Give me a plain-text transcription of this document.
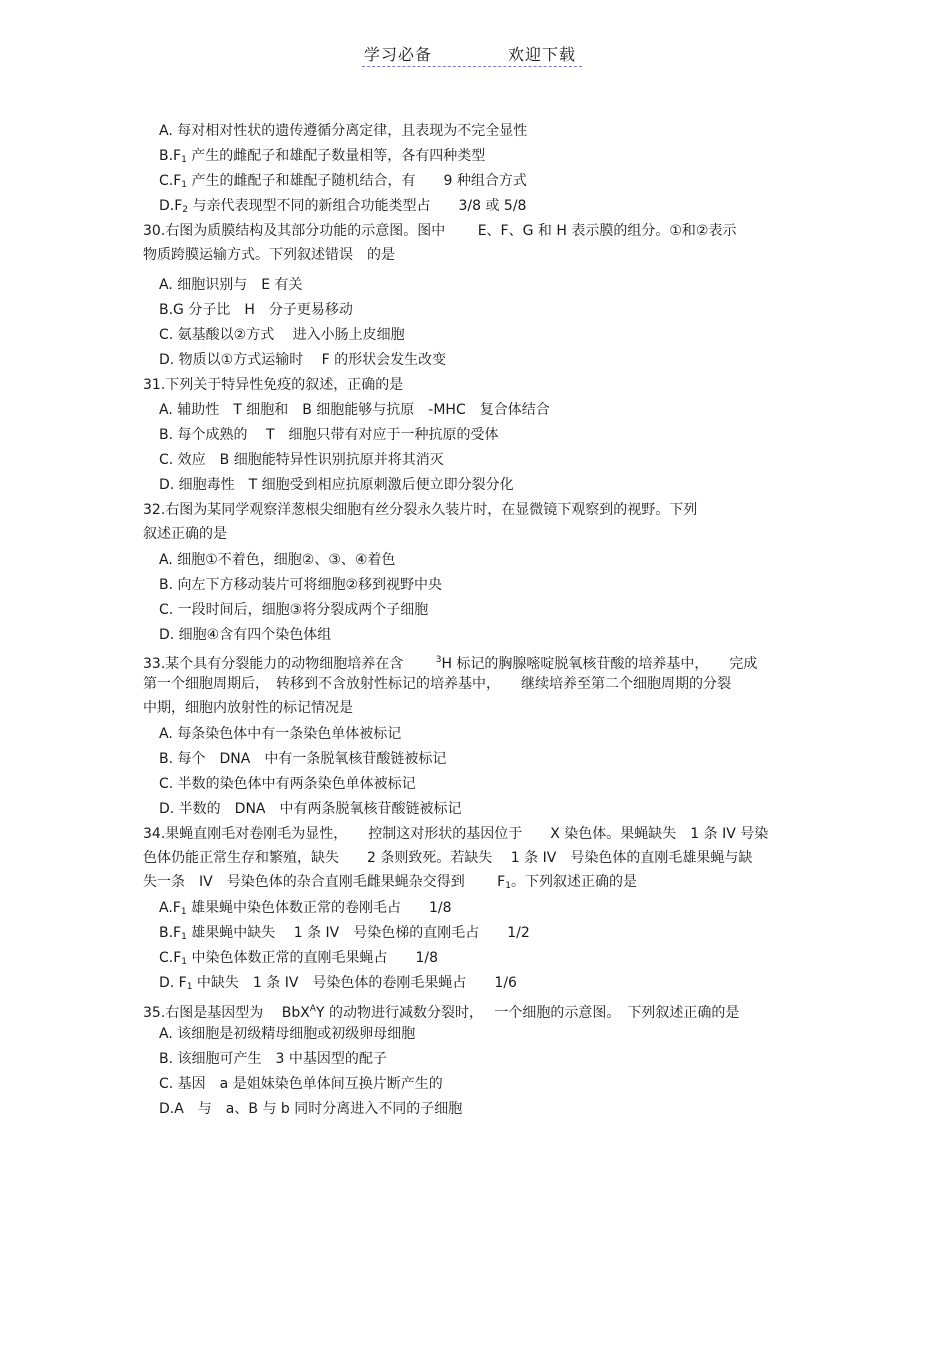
学习必备	欢迎下载
A. 每对相对性状的遗传遵循分离定律，且表现为不完全显性
$B.F_1$ 产生的雌配子和雄配子数量相等，各有四种类型
$C.F_1$ 产生的雌配子和雄配子随机结合，有　　9 种组合方式
$D.F_2$ 与亲代表现型不同的新组合功能类型占　　3/8 或 5/8
30.右图为质膜结构及其部分功能的示意图。图中　　 E、F、G 和 H 表示膜的组分。①和②表示
物质跨膜运输方式。下列叙述错误　的是
A. 细胞识别与　E 有关
B.G 分子比　H　分子更易移动
C. 氨基酸以②方式　 进入小肠上皮细胞
D. 物质以①方式运输时　 F 的形状会发生改变
31.下列关于特异性免疫的叙述，正确的是
A. 辅助性　T 细胞和　B 细胞能够与抗原　-MHC　复合体结合
B. 每个成熟的　 T　细胞只带有对应于一种抗原的受体
C. 效应　B 细胞能特异性识别抗原并将其消灭
D. 细胞毒性　T 细胞受到相应抗原刺激后便立即分裂分化
32.右图为某同学观察洋葱根尖细胞有丝分裂永久装片时，在显微镜下观察到的视野。下列
叙述正确的是
A. 细胞①不着色，细胞②、③、④着色
B. 向左下方移动装片可将细胞②移到视野中央
C. 一段时间后，细胞③将分裂成两个子细胞
D. 细胞④含有四个染色体组
33.某个具有分裂能力的动物细胞培养在含　　 $^3$H 标记的胸腺嘧啶脱氧核苷酸的培养基中，　　完成
第一个细胞周期后，　转移到不含放射性标记的培养基中，　　继续培养至第二个细胞周期的分裂
中期，细胞内放射性的标记情况是
A. 每条染色体中有一条染色单体被标记
B. 每个　DNA　中有一条脱氧核苷酸链被标记
C. 半数的染色体中有两条染色单体被标记
D. 半数的　DNA　中有两条脱氧核苷酸链被标记
34.果蝇直刚毛对卷刚毛为显性，　　控制这对形状的基因位于　　X 染色体。果蝇缺失　1 条 IV 号染
色体仍能正常生存和繁殖，缺失　　2 条则致死。若缺失　 1 条 IV　号染色体的直刚毛雄果蝇与缺
失一条　IV　号染色体的杂合直刚毛雌果蝇杂交得到　　 $F_1$。下列叙述正确的是
$A.F_1$ 雄果蝇中染色体数正常的卷刚毛占　　1/8
$B.F_1$ 雄果蝇中缺失　 1 条 IV　号染色梯的直刚毛占　　1/2
$C.F_1$ 中染色体数正常的直刚毛果蝇占　　1/8
D. $F_1$ 中缺失　1 条 IV　号染色体的卷刚毛果蝇占　　1/6
35.右图是基因型为　 BbX$^A$Y 的动物进行减数分裂时，　 一个细胞的示意图。　下列叙述正确的是
A. 该细胞是初级精母细胞或初级卵母细胞
B. 该细胞可产生　3 中基因型的配子
C. 基因　a 是姐妹染色单体间互换片断产生的
D.A　与　a、B 与 b 同时分离进入不同的子细胞
